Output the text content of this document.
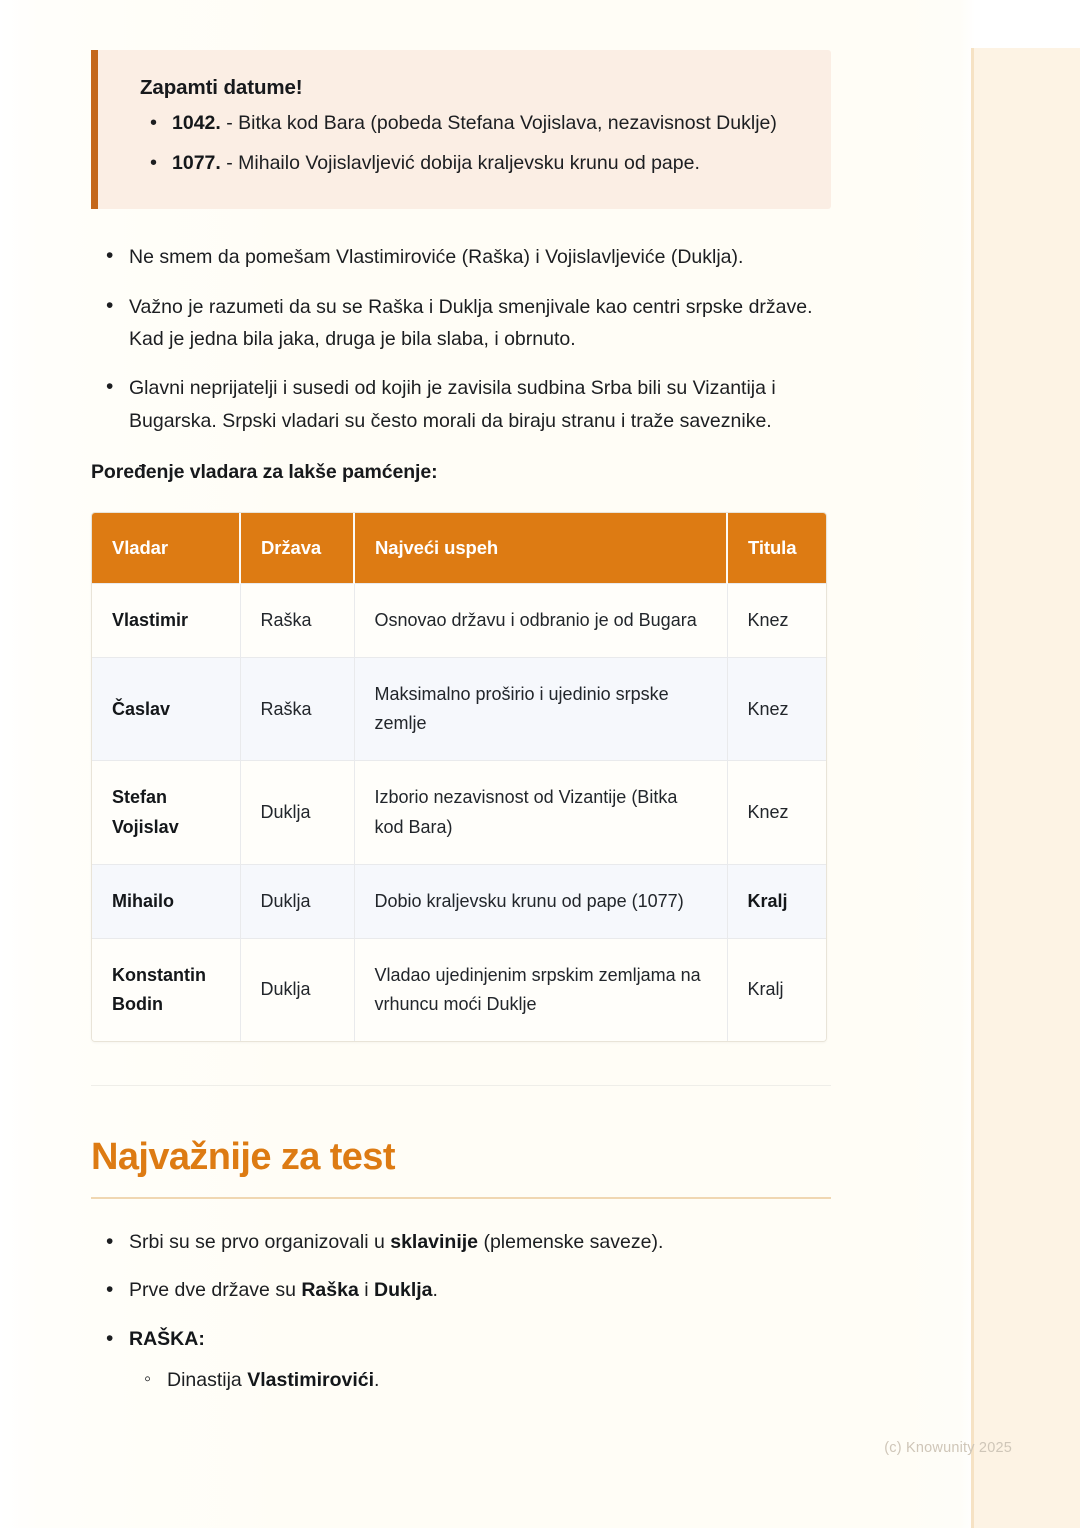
Zapamti datume!

• 1042. - Bitka kod Bara (pobeda Stefana Vojislava, nezavisnost Duklje)
• 1077. - Mihailo Vojislavljević dobija kraljevsku krunu od pape.
• Ne smem da pomešam Vlastimiroviće (Raška) i Vojislavljeviće (Duklja).
• Važno je razumeti da su se Raška i Duklja smenjivale kao centri srpske države. Kad je jedna bila jaka, druga je bila slaba, i obrnuto.
• Glavni neprijatelji i susedi od kojih je zavisila sudbina Srba bili su Vizantija i Bugarska. Srpski vladari su često morali da biraju stranu i traže saveznike.

Poređenje vladara za lakše pamćenje:

Vladar	Država	Najveći uspeh	Titula
Vlastimir	Raška	Osnovao državu i odbranio je od Bugara	Knez
Časlav	Raška	Maksimalno proširio i ujedinio srpske zemlje	Knez
Stefan Vojislav	Duklja	Izborio nezavisnost od Vizantije (Bitka kod Bara)	Knez
Mihailo	Duklja	Dobio kraljevsku krunu od pape (1077)	Kralj
Konstantin Bodin	Duklja	Vladao ujedinjenim srpskim zemljama na vrhuncu moći Duklje	Kralj
Najvažnije za test
• Srbi su se prvo organizovali u sklavinije (plemenske saveze).
• Prve dve države su Raška i Duklja.
• RAŠKA:
◦ Dinastija Vlastimirovići.
(c) Knowunity 2025
